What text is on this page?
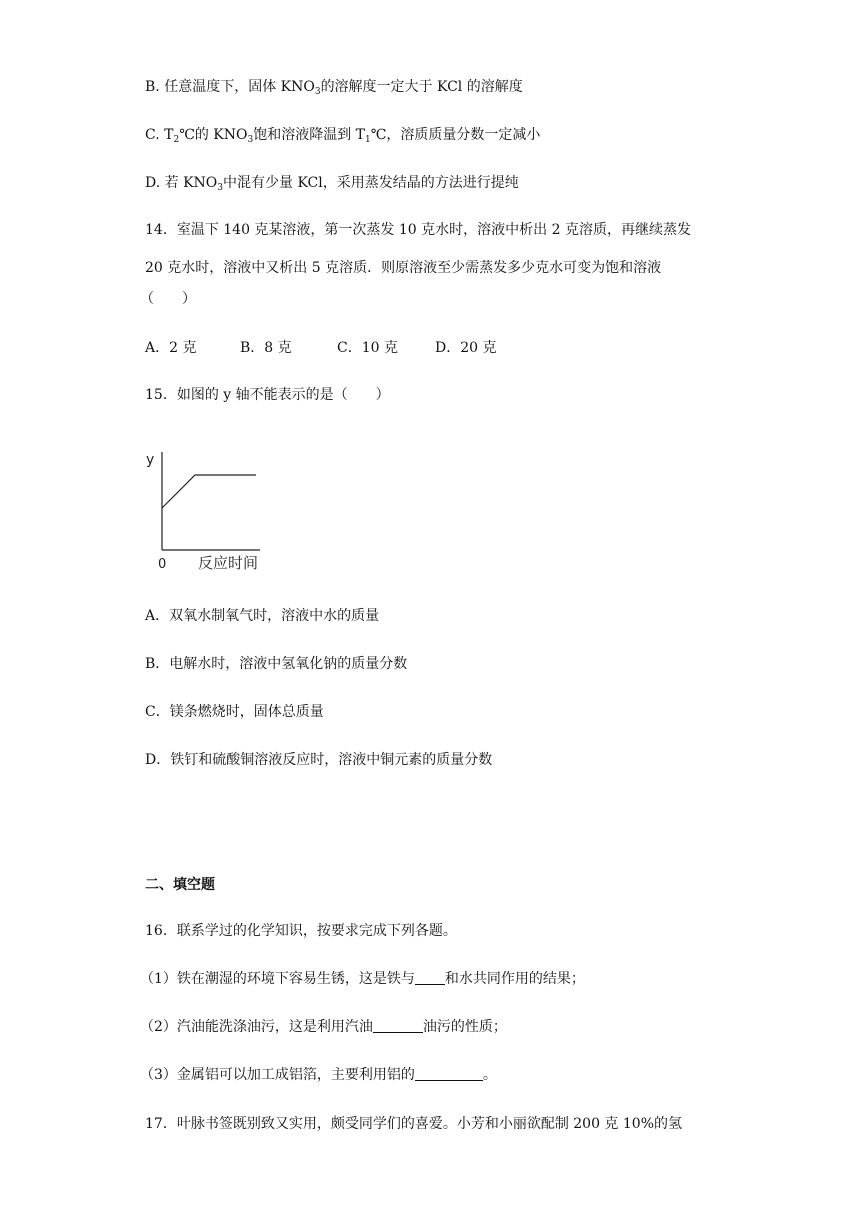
B. 任意温度下，固体 $KNO_3$的溶解度一定大于 KCl 的溶解度
C. $T_2℃$的 $KNO_3$饱和溶液降温到 $T_1℃$，溶质质量分数一定减小
D. 若 $KNO_3$中混有少量 KCl，采用蒸发结晶的方法进行提纯
14．室温下 140 克某溶液，第一次蒸发 10 克水时，溶液中析出 2 克溶质，再继续蒸发
20 克水时，溶液中又析出 5 克溶质．则原溶液至少需蒸发多少克水可变为饱和溶液
（　　）
A．2 克	B．8 克	C．10 克	D．20 克
15．如图的 y 轴不能表示的是（　　）
y
0 反应时间
A．双氧水制氧气时，溶液中水的质量
B．电解水时，溶液中氢氧化钠的质量分数
C．镁条燃烧时，固体总质量
D．铁钉和硫酸铜溶液反应时，溶液中铜元素的质量分数
二、填空题
16．联系学过的化学知识，按要求完成下列各题。
（1）铁在潮湿的环境下容易生锈，这是铁与 和水共同作用的结果；
（2）汽油能洗涤油污，这是利用汽油	油污的性质；
（3）金属铝可以加工成铝箔，主要利用铝的	。
17．叶脉书签既别致又实用，颇受同学们的喜爱。小芳和小丽欲配制 200 克 10%的氢
